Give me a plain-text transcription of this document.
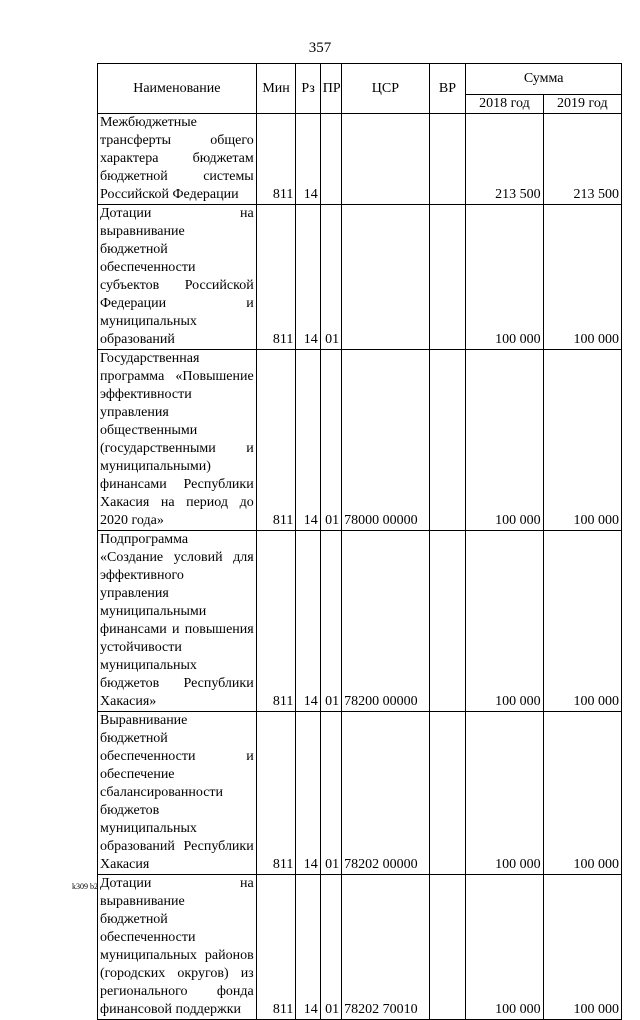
357
Наименование	Мин	Рз	ПР	ЦСР	ВР	Сумма	
						2018 год	2019 год
Межбюджетные трансферты общего характера бюджетам бюджетной системы Российской Федерации	811	14				213 500	213 500
Дотации на выравнивание бюджетной обеспеченности субъектов Российской Федерации и муниципальных образований	811	14	01			100 000	100 000
Государственная программа «Повышение эффективности управления общественными (государственными и муниципальными) финансами Республики Хакасия на период до 2020 года»	811	14	01	78000 00000		100 000	100 000
Подпрограмма «Создание условий для эффективного управления муниципальными финансами и повышения устойчивости муниципальных бюджетов Республики Хакасия»	811	14	01	78200 00000		100 000	100 000
Выравнивание бюджетной обеспеченности и обеспечение сбалансированности бюджетов муниципальных образований Республики Хакасия	811	14	01	78202 00000		100 000	100 000
Дотации на выравнивание бюджетной обеспеченности муниципальных районов (городских округов) из регионального фонда финансовой поддержки	811	14	01	78202 70010		100 000	100 000
k309 b2
